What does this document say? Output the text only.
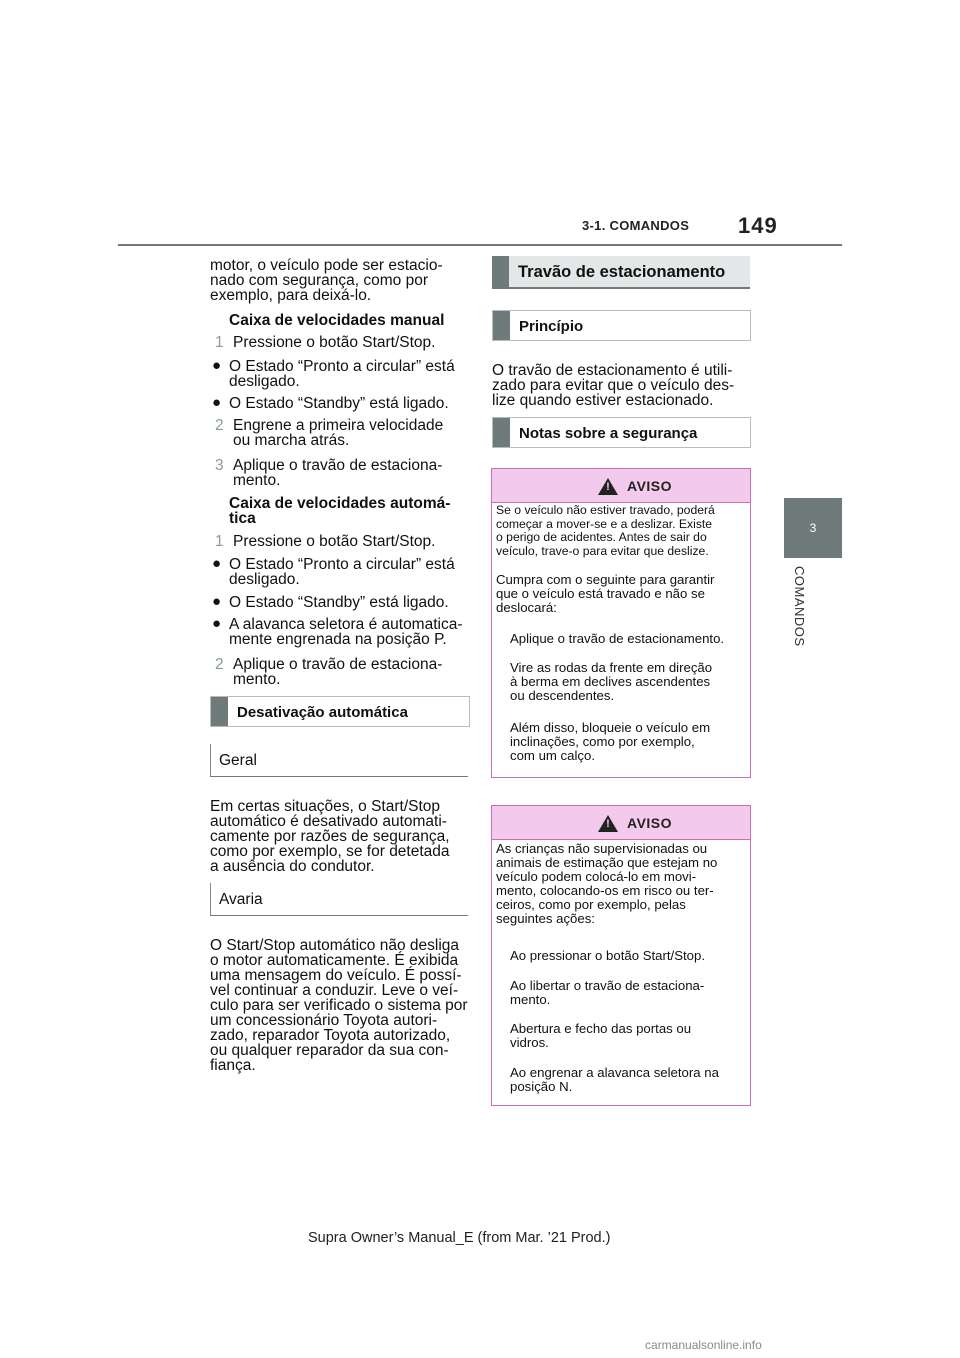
3-1. COMANDOS 149
3
COMANDOS
motor, o veículo pode ser estacio-
nado com segurança, como por
exemplo, para deixá-lo.
Caixa de velocidades manual
1 Pressione o botão Start/Stop.
● O Estado “Pronto a circular” está
desligado.
● O Estado “Standby” está ligado.
2 Engrene a primeira velocidade
ou marcha atrás.
3 Aplique o travão de estaciona-
mento.
Caixa de velocidades automá-
tica
1 Pressione o botão Start/Stop.
● O Estado “Pronto a circular” está
desligado.
● O Estado “Standby” está ligado.
● A alavanca seletora é automatica-
mente engrenada na posição P.
2 Aplique o travão de estaciona-
mento.
Desativação automática
Geral
Em certas situações, o Start/Stop
automático é desativado automati-
camente por razões de segurança,
como por exemplo, se for detetada
a ausência do condutor.
Avaria
O Start/Stop automático não desliga
o motor automaticamente. É exibida
uma mensagem do veículo. É possí-
vel continuar a conduzir. Leve o veí-
culo para ser verificado o sistema por
um concessionário Toyota autori-
zado, reparador Toyota autorizado,
ou qualquer reparador da sua con-
fiança.
Travão de estacionamento
Princípio
O travão de estacionamento é utili-
zado para evitar que o veículo des-
lize quando estiver estacionado.
Notas sobre a segurança
! AVISO
Se o veículo não estiver travado, poderá
começar a mover-se e a deslizar. Existe
o perigo de acidentes. Antes de sair do
veículo, trave-o para evitar que deslize.
Cumpra com o seguinte para garantir
que o veículo está travado e não se
deslocará:
Aplique o travão de estacionamento.
Vire as rodas da frente em direção
à berma em declives ascendentes
ou descendentes.
Além disso, bloqueie o veículo em
inclinações, como por exemplo,
com um calço.
! AVISO
As crianças não supervisionadas ou
animais de estimação que estejam no
veículo podem colocá-lo em movi-
mento, colocando-os em risco ou ter-
ceiros, como por exemplo, pelas
seguintes ações:
Ao pressionar o botão Start/Stop.
Ao libertar o travão de estaciona-
mento.
Abertura e fecho das portas ou
vidros.
Ao engrenar a alavanca seletora na
posição N.
Supra Owner’s Manual_E (from Mar. ’21 Prod.)
carmanualsonline.info
